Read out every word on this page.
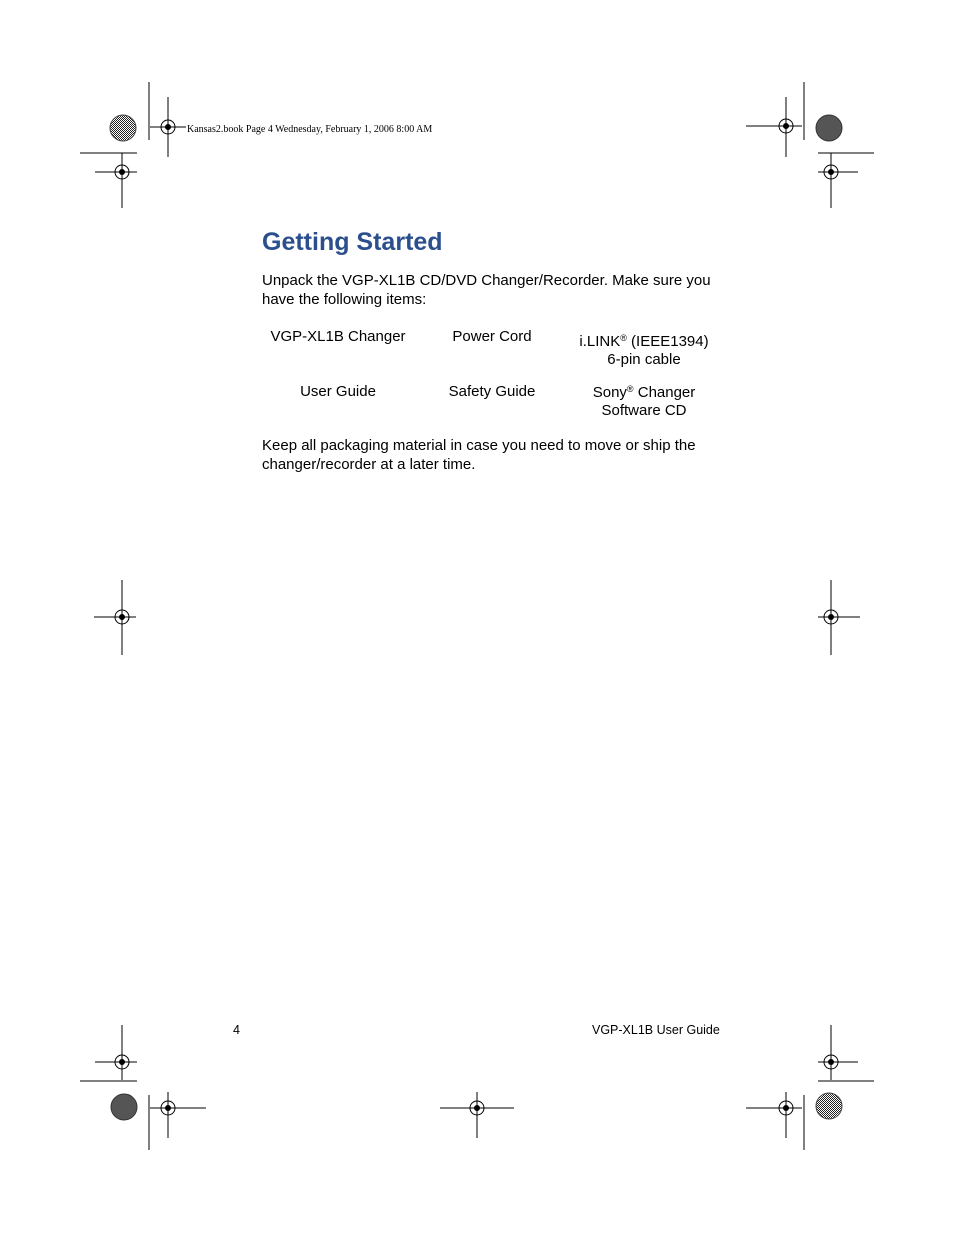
Kansas2.book Page 4 Wednesday, February 1, 2006 8:00 AM
Getting Started

Unpack the VGP-XL1B CD/DVD Changer/Recorder. Make sure you have the following items:

VGP-XL1B Changer	Power Cord	i.LINK® (IEEE1394)
6-pin cable
User Guide	Safety Guide	Sony® Changer
Software CD

Keep all packaging material in case you need to move or ship the changer/recorder at a later time.

4	VGP-XL1B User Guide
